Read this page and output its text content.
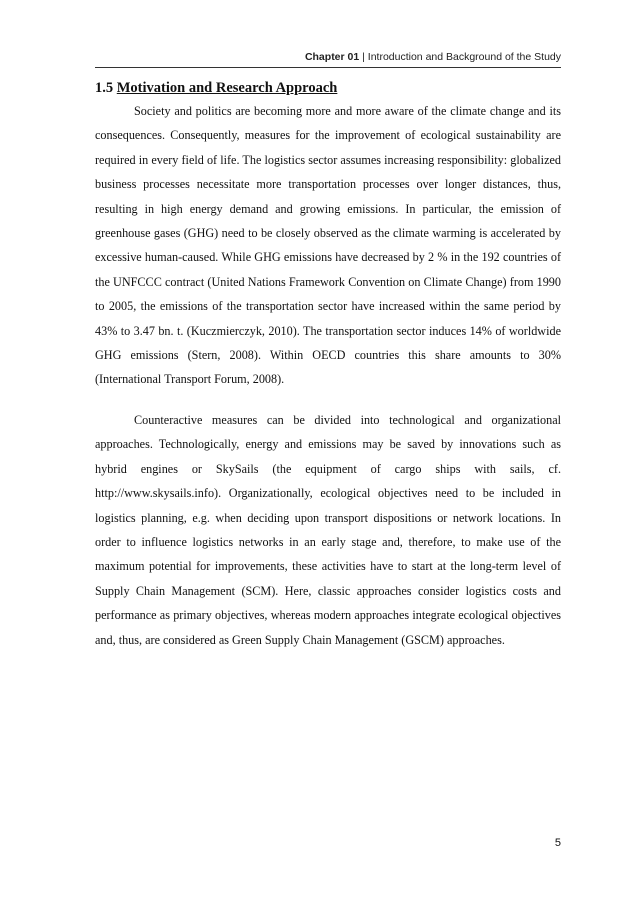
Chapter 01 | Introduction and Background of the Study
1.5 Motivation and Research Approach

Society and politics are becoming more and more aware of the climate change and its consequences. Consequently, measures for the improvement of ecological sustainability are required in every field of life. The logistics sector assumes increasing responsibility: globalized business processes necessitate more transportation processes over longer distances, thus, resulting in high energy demand and growing emissions. In particular, the emission of greenhouse gases (GHG) need to be closely observed as the climate warming is accelerated by excessive human-caused. While GHG emissions have decreased by 2 % in the 192 countries of the UNFCCC contract (United Nations Framework Convention on Climate Change) from 1990 to 2005, the emissions of the transportation sector have increased within the same period by 43% to 3.47 bn. t. (Kuczmierczyk, 2010). The transportation sector induces 14% of worldwide GHG emissions (Stern, 2008). Within OECD countries this share amounts to 30% (International Transport Forum, 2008).

Counteractive measures can be divided into technological and organizational approaches. Technologically, energy and emissions may be saved by innovations such as hybrid engines or SkySails (the equipment of cargo ships with sails, cf. http://www.skysails.info). Organizationally, ecological objectives need to be included in logistics planning, e.g. when deciding upon transport dispositions or network locations. In order to influence logistics networks in an early stage and, therefore, to make use of the maximum potential for improvements, these activities have to start at the long-term level of Supply Chain Management (SCM). Here, classic approaches consider logistics costs and performance as primary objectives, whereas modern approaches integrate ecological objectives and, thus, are considered as Green Supply Chain Management (GSCM) approaches.

5
